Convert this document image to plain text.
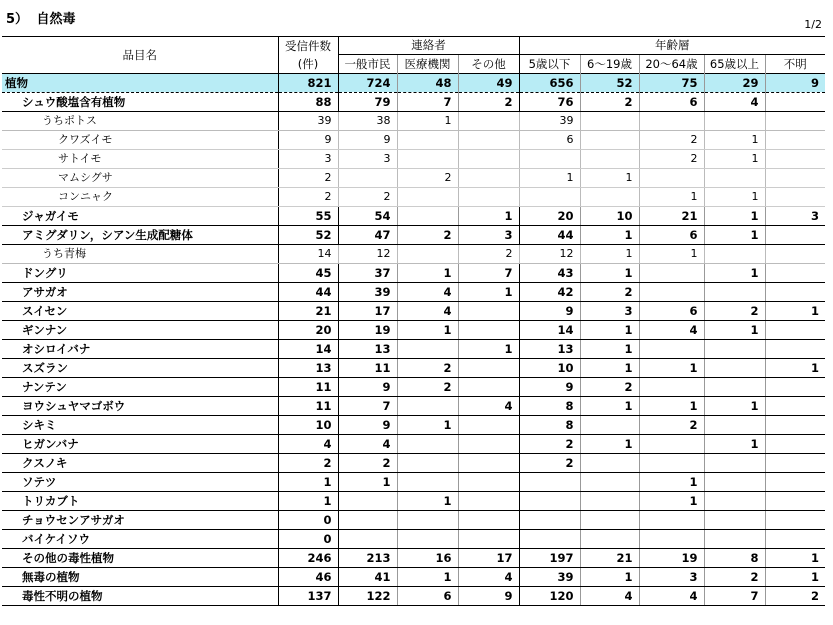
5） 自然毒	1/2
品目名	受信件数	連絡者			年齢層				
	(件)	一般市民	医療機関	その他	5歳以下	6～19歳	20～64歳	65歳以上	不明
植物	821	724	48	49	656	52	75	29	9
シュウ酸塩含有植物	88	79	7	2	76	2	6	4	
うちポトス	39	38	1		39				
クワズイモ	9	9			6		2	1	
サトイモ	3	3					2	1	
マムシグサ	2		2		1	1			
コンニャク	2	2					1	1	
ジャガイモ	55	54		1	20	10	21	1	3
アミグダリン，シアン生成配糖体	52	47	2	3	44	1	6	1	
うち青梅	14	12		2	12	1	1		
ドングリ	45	37	1	7	43	1		1	
アサガオ	44	39	4	1	42	2			
スイセン	21	17	4		9	3	6	2	1
ギンナン	20	19	1		14	1	4	1	
オシロイバナ	14	13		1	13	1			
スズラン	13	11	2		10	1	1		1
ナンテン	11	9	2		9	2			
ヨウシュヤマゴボウ	11	7		4	8	1	1	1	
シキミ	10	9	1		8		2		
ヒガンバナ	4	4			2	1		1	
クスノキ	2	2			2				
ソテツ	1	1					1		
トリカブト	1		1				1		
チョウセンアサガオ	0								
バイケイソウ	0								
その他の毒性植物	246	213	16	17	197	21	19	8	1
無毒の植物	46	41	1	4	39	1	3	2	1
毒性不明の植物	137	122	6	9	120	4	4	7	2
